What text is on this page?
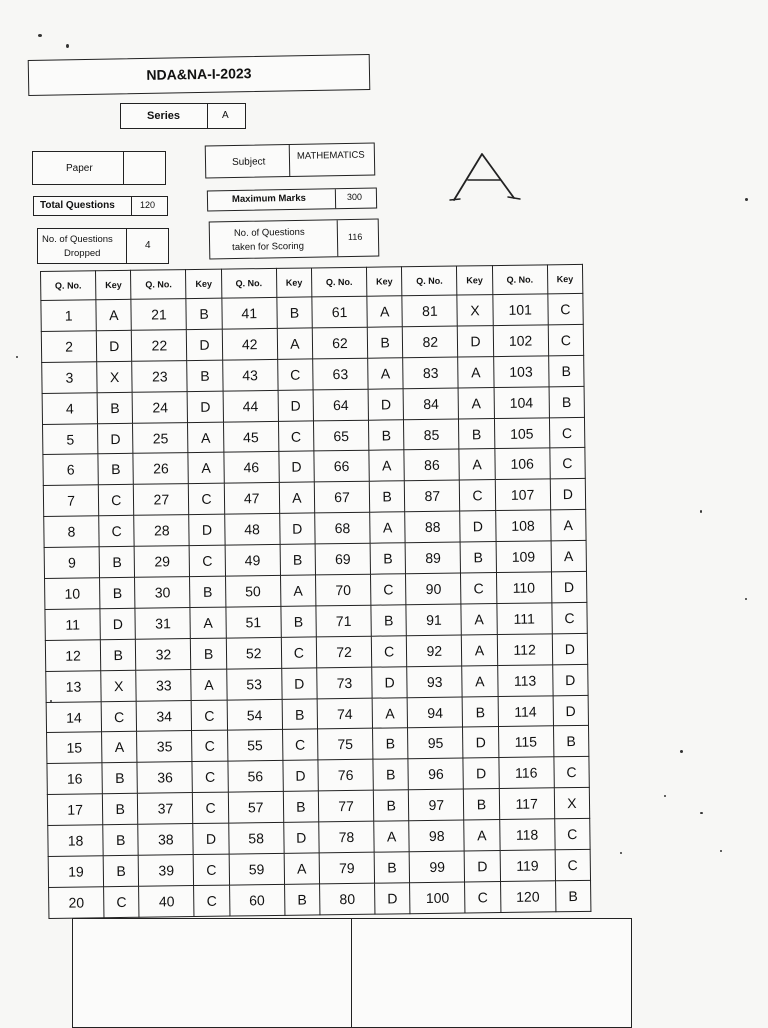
NDA&NA-I-2023
Series	A
Paper
Subject
MATHEMATICS
Total Questions	120	Maximum Marks	300
No. of Questions
Dropped
4
No. of Questions
taken for Scoring
116
Q. No.	Key	Q. No.	Key	Q. No.	Key	Q. No.	Key	Q. No.	Key	Q. No.	Key
1	A	21	B	41	B	61	A	81	X	101	C
2	D	22	D	42	A	62	B	82	D	102	C
3	X	23	B	43	C	63	A	83	A	103	B
4	B	24	D	44	D	64	D	84	A	104	B
5	D	25	A	45	C	65	B	85	B	105	C
6	B	26	A	46	D	66	A	86	A	106	C
7	C	27	C	47	A	67	B	87	C	107	D
8	C	28	D	48	D	68	A	88	D	108	A
9	B	29	C	49	B	69	B	89	B	109	A
10	B	30	B	50	A	70	C	90	C	110	D
11	D	31	A	51	B	71	B	91	A	111	C
12	B	32	B	52	C	72	C	92	A	112	D
13	X	33	A	53	D	73	D	93	A	113	D
14	C	34	C	54	B	74	A	94	B	114	D
15	A	35	C	55	C	75	B	95	D	115	B
16	B	36	C	56	D	76	B	96	D	116	C
17	B	37	C	57	B	77	B	97	B	117	X
18	B	38	D	58	D	78	A	98	A	118	C
19	B	39	C	59	A	79	B	99	D	119	C
20	C	40	C	60	B	80	D	100	C	120	B
